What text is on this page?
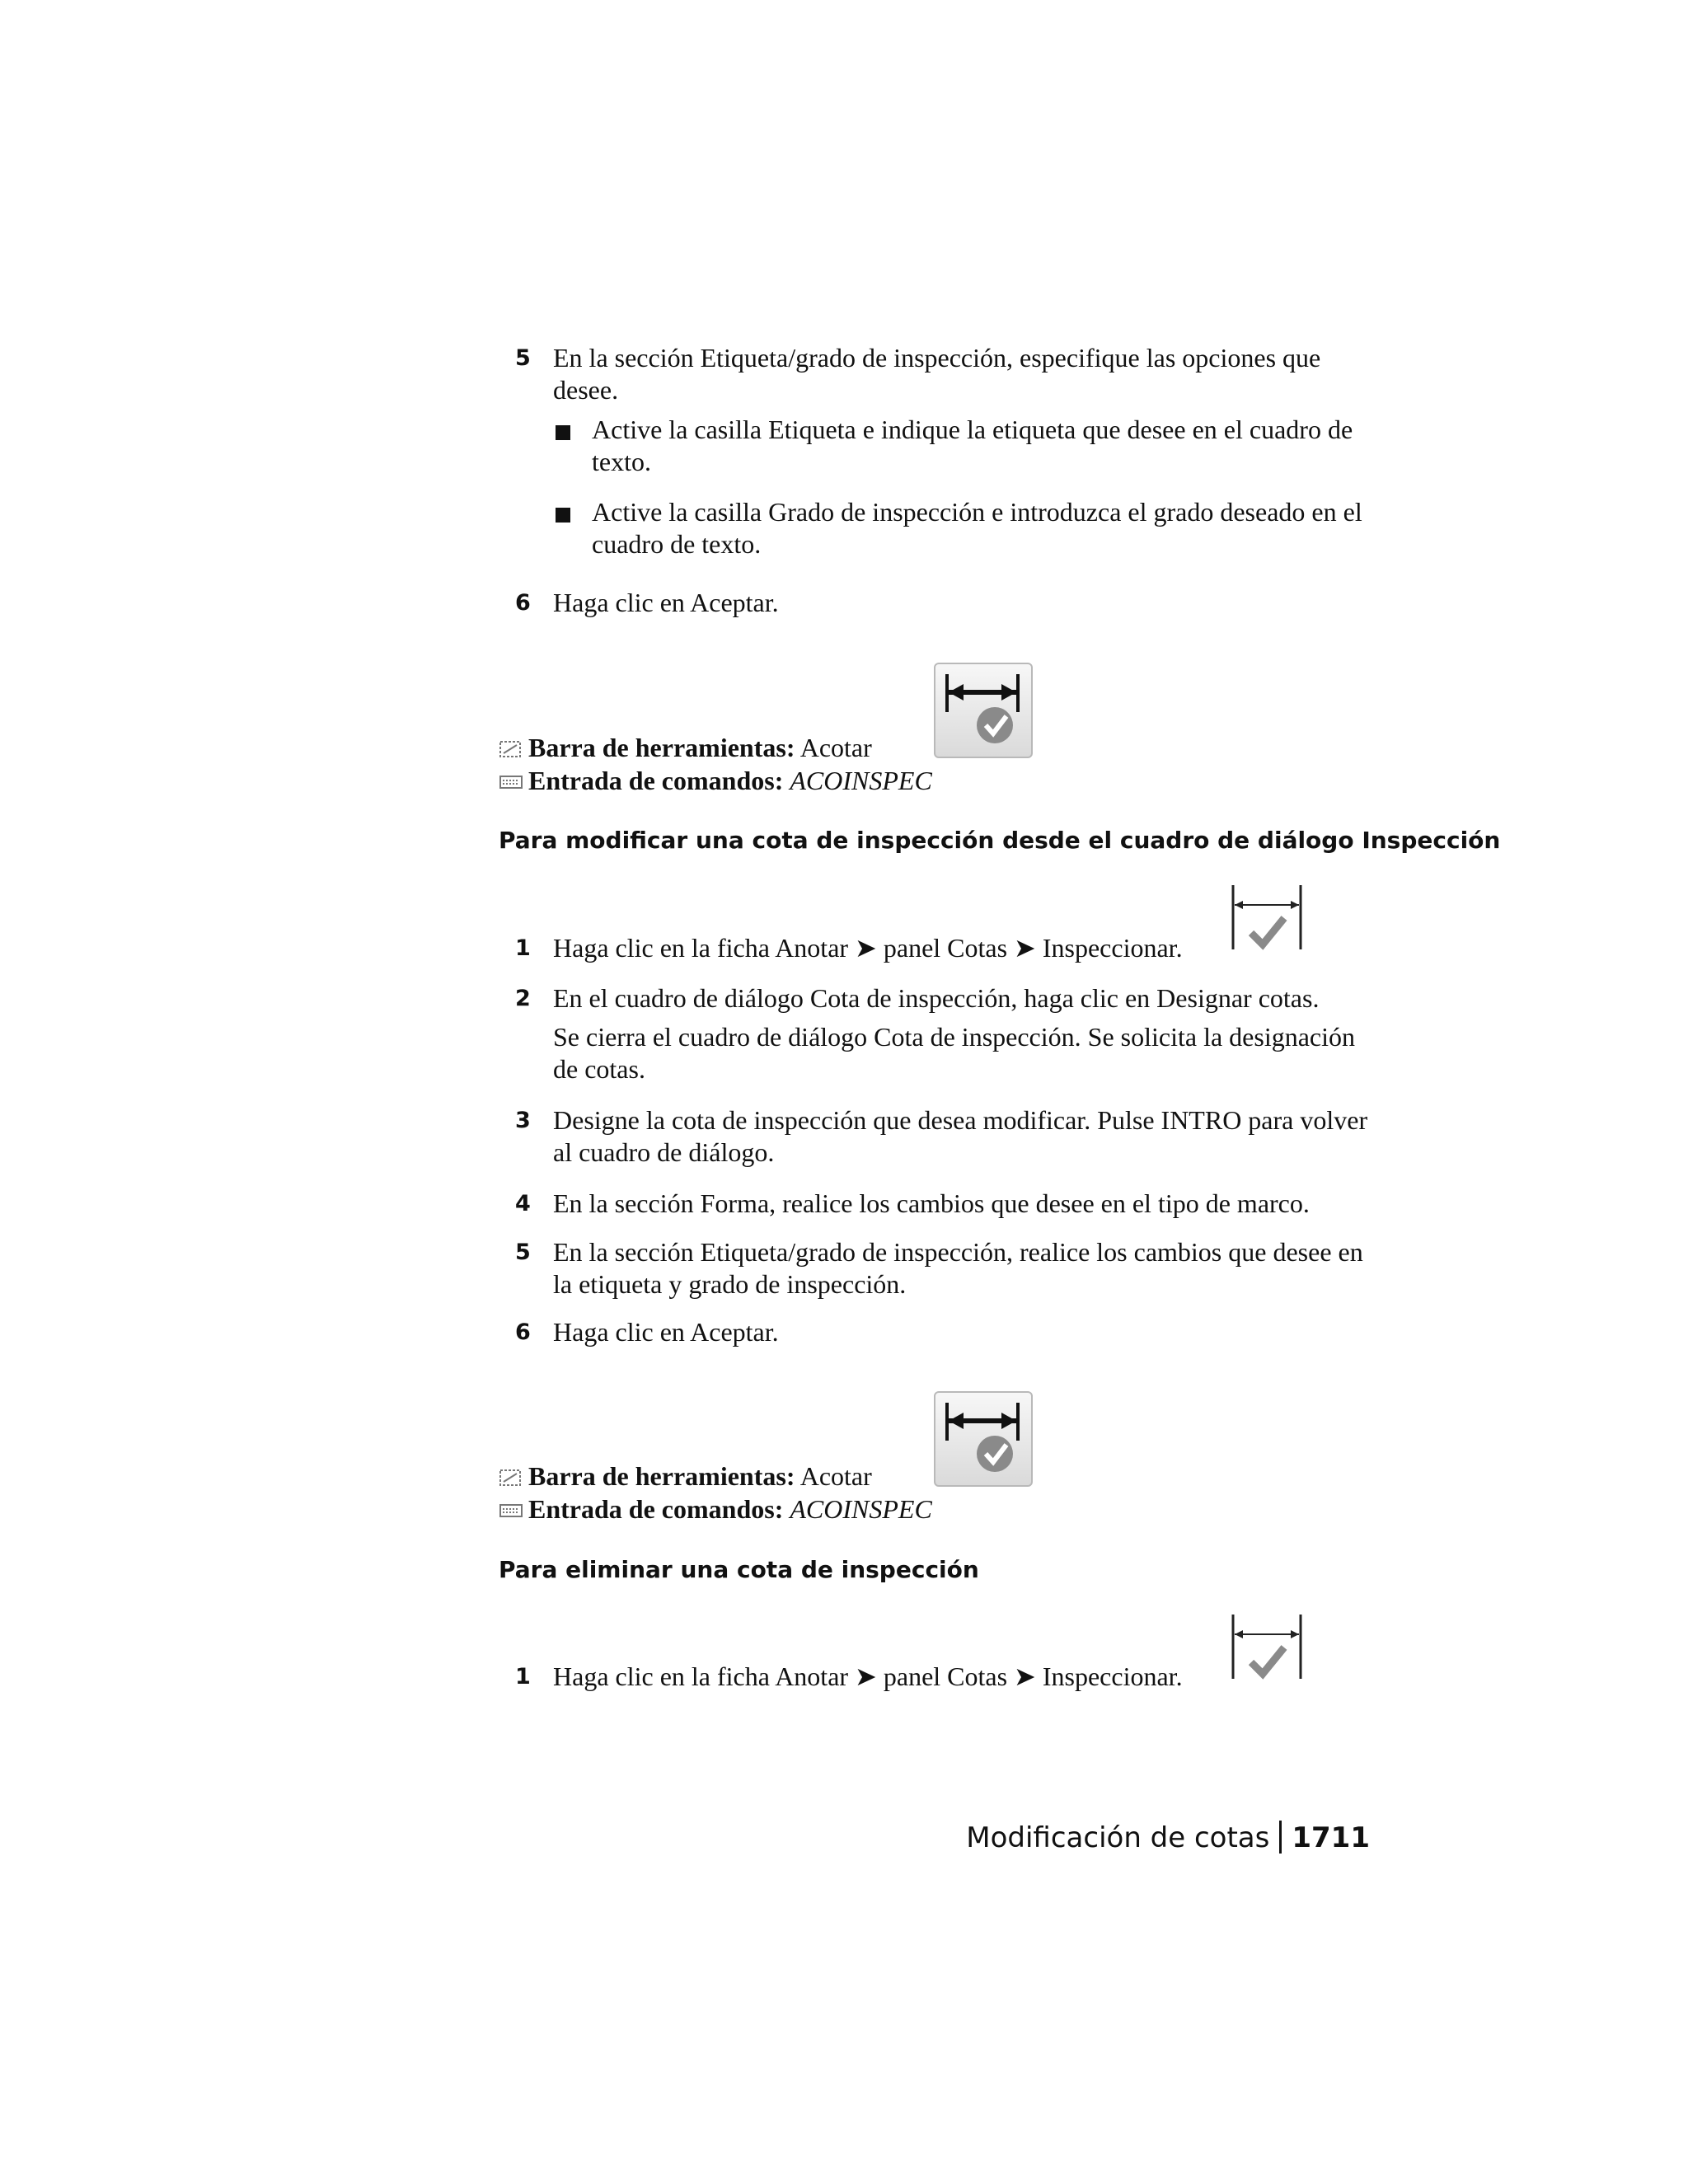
5 En la sección Etiqueta/grado de inspección, especifique las opciones que desee.
Active la casilla Etiqueta e indique la etiqueta que desee en el cuadro de texto.
Active la casilla Grado de inspección e introduzca el grado deseado en el cuadro de texto.
6 Haga clic en Aceptar.
Barra de herramientas: Acotar
Entrada de comandos: ACOINSPEC
Para modificar una cota de inspección desde el cuadro de diálogo Inspección
1 Haga clic en la ficha Anotar ➤ panel Cotas ➤ Inspeccionar.
2 En el cuadro de diálogo Cota de inspección, haga clic en Designar cotas.
Se cierra el cuadro de diálogo Cota de inspección. Se solicita la designación de cotas.
3 Designe la cota de inspección que desea modificar. Pulse INTRO para volver al cuadro de diálogo.
4 En la sección Forma, realice los cambios que desee en el tipo de marco.
5 En la sección Etiqueta/grado de inspección, realice los cambios que desee en la etiqueta y grado de inspección.
6 Haga clic en Aceptar.
Barra de herramientas: Acotar
Entrada de comandos: ACOINSPEC
Para eliminar una cota de inspección
1 Haga clic en la ficha Anotar ➤ panel Cotas ➤ Inspeccionar.
Modificación de cotas 1711
